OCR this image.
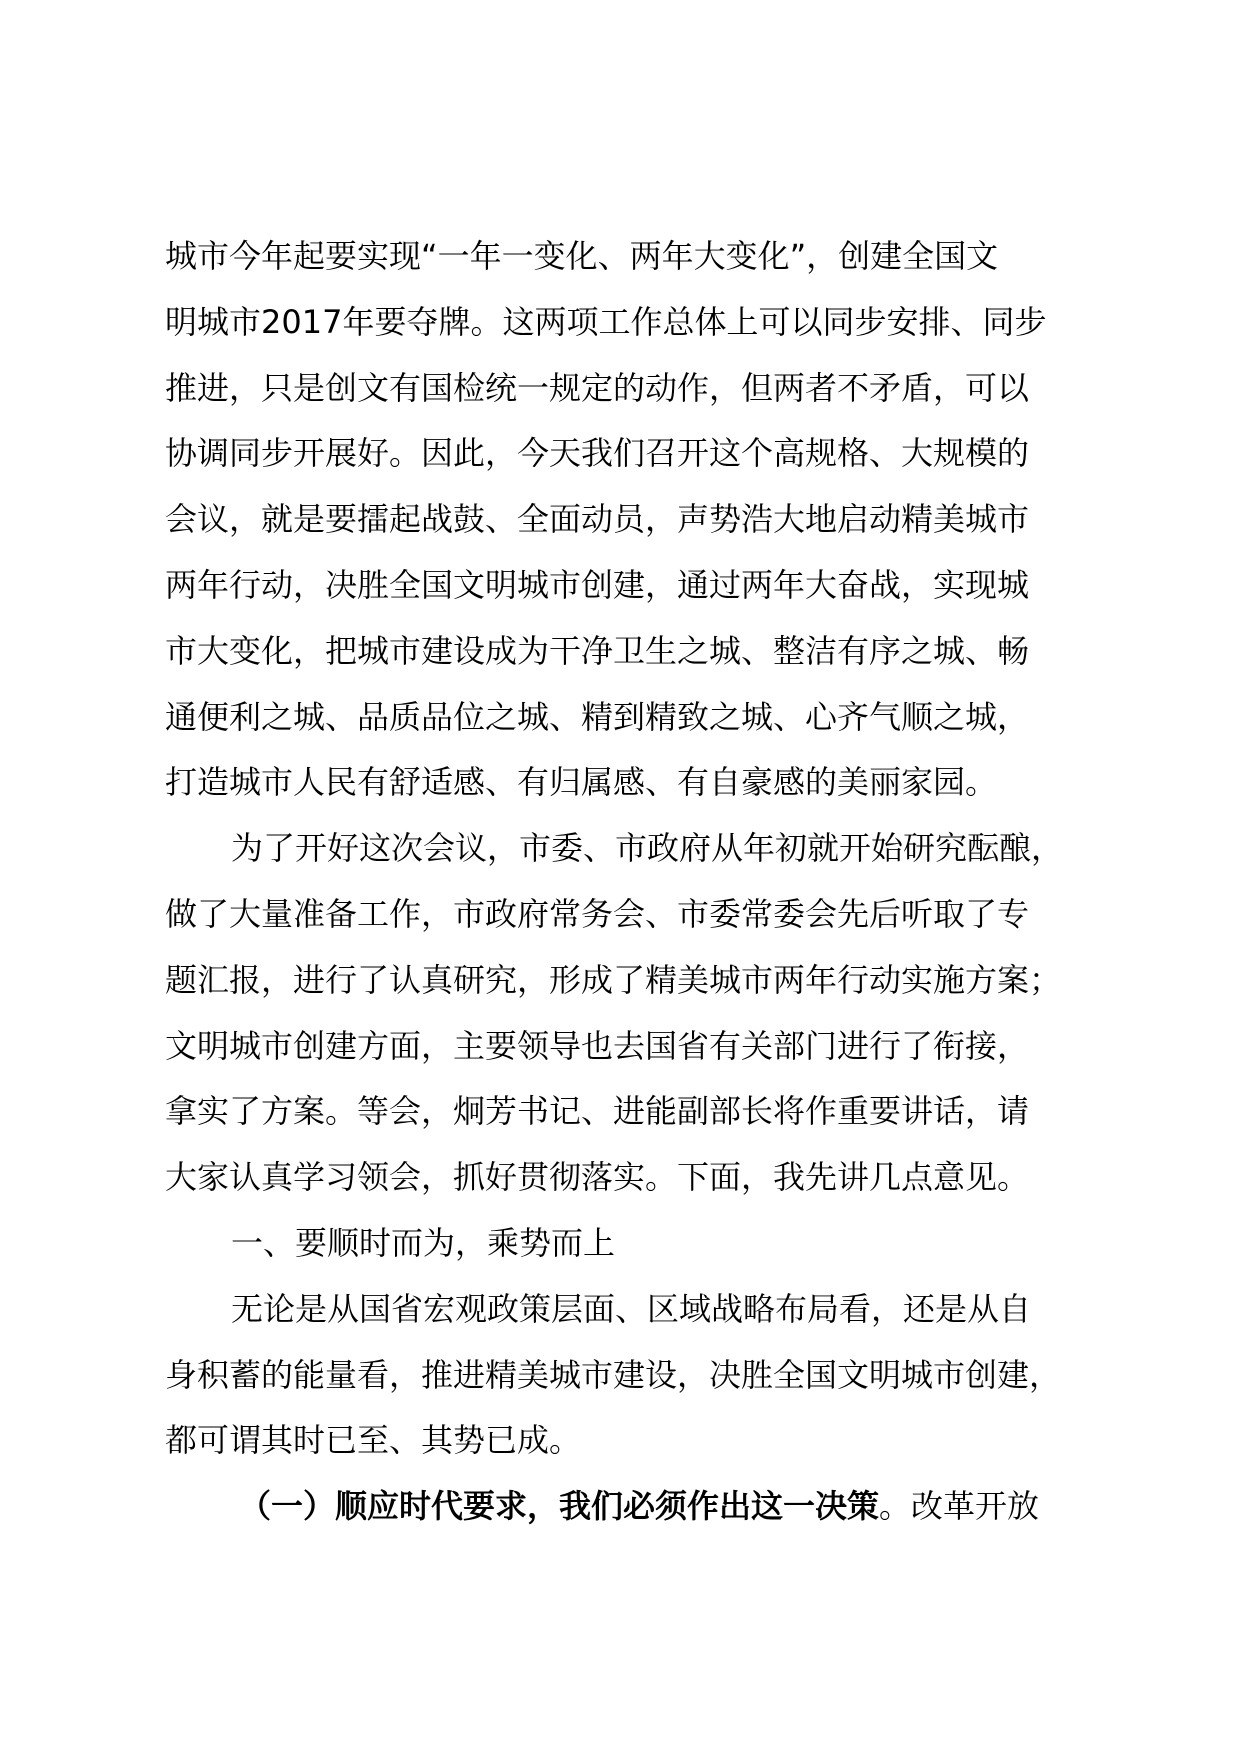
城市今年起要实现“一年一变化、两年大变化”，创建全国文
明城市2017年要夺牌。这两项工作总体上可以同步安排、同步
推进，只是创文有国检统一规定的动作，但两者不矛盾，可以
协调同步开展好。因此，今天我们召开这个高规格、大规模的
会议，就是要擂起战鼓、全面动员，声势浩大地启动精美城市
两年行动，决胜全国文明城市创建，通过两年大奋战，实现城
市大变化，把城市建设成为干净卫生之城、整洁有序之城、畅
通便利之城、品质品位之城、精到精致之城、心齐气顺之城，
打造城市人民有舒适感、有归属感、有自豪感的美丽家园。
为了开好这次会议，市委、市政府从年初就开始研究酝酿，
做了大量准备工作，市政府常务会、市委常委会先后听取了专
题汇报，进行了认真研究，形成了精美城市两年行动实施方案；
文明城市创建方面，主要领导也去国省有关部门进行了衔接，
拿实了方案。等会，炯芳书记、进能副部长将作重要讲话，请
大家认真学习领会，抓好贯彻落实。下面，我先讲几点意见。
一、要顺时而为，乘势而上
无论是从国省宏观政策层面、区域战略布局看，还是从自
身积蓄的能量看，推进精美城市建设，决胜全国文明城市创建，
都可谓其时已至、其势已成。
（一）顺应时代要求，我们必须作出这一决策。改革开放
